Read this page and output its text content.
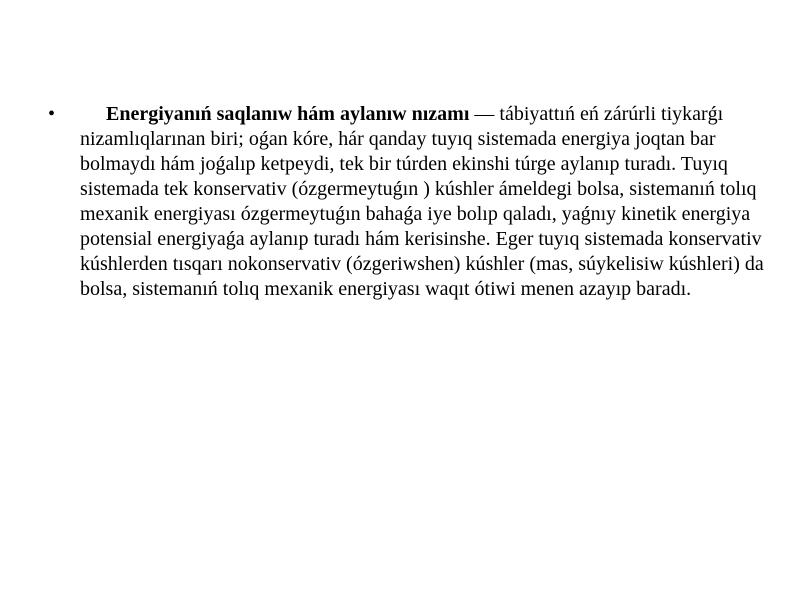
•	Energiyanıń saqlanıw hám aylanıw nızamı — tábiyattıń eń zárúrli tiykarǵı nizamlıqlarınan biri; oǵan kóre, hár qanday tuyıq sistemada energiya joqtan bar bolmaydı hám joǵalıp ketpeydi, tek bir túrden ekinshi túrge aylanıp turadı. Tuyıq sistemada tek konservativ (ózgermeytuǵın ) kúshler ámeldegi bolsa, sistemanıń tolıq mexanik energiyası ózgermeytuǵın bahaǵa iye bolıp qaladı, yaǵnıy kinetik energiya potensial energiyaǵa aylanıp turadı hám kerisinshe. Eger tuyıq sistemada konservativ kúshlerden tısqarı nokonservativ (ózgeriwshen) kúshler (mas, súykelisiw kúshleri) da bolsa, sistemanıń tolıq mexanik energiyası waqıt ótiwi menen azayıp baradı.
